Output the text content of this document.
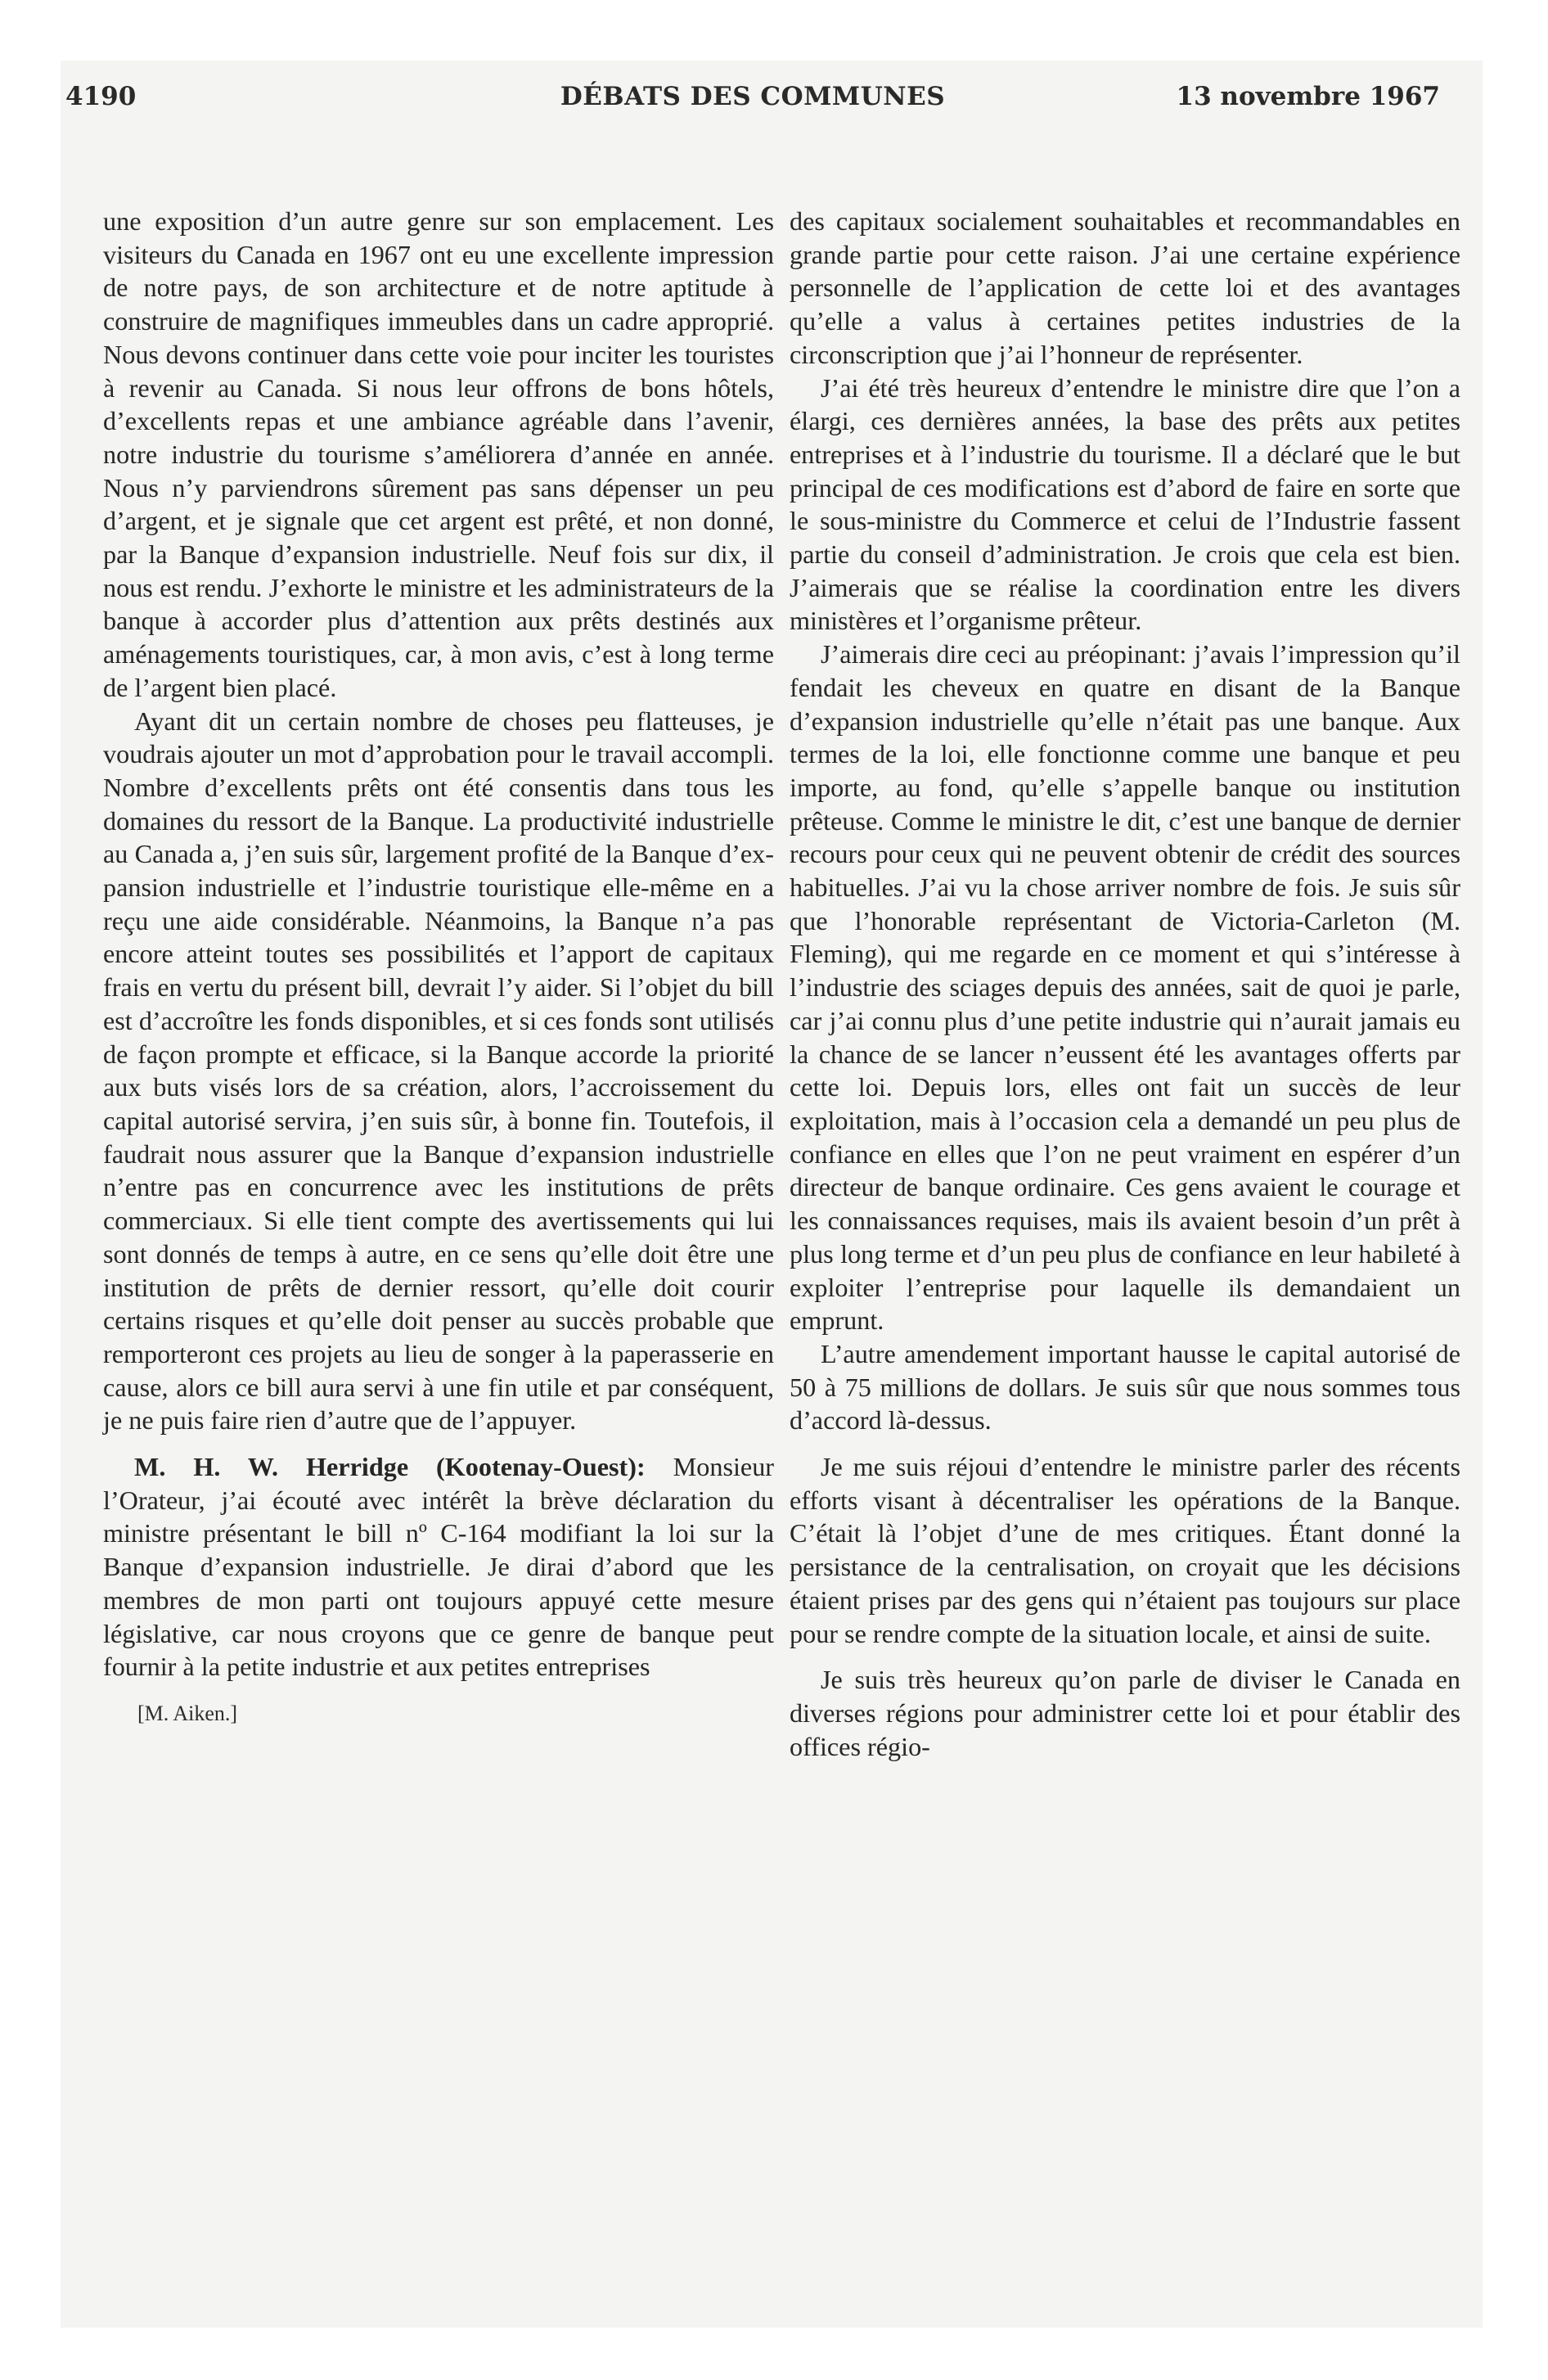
4190	DÉBATS DES COMMUNES	13 novembre 1967

une exposition d’un autre genre sur son emplacement. Les visiteurs du Canada en 1967 ont eu une excellente impression de notre pays, de son architecture et de notre aptitude à construire de magnifiques immeubles dans un cadre approprié. Nous devons continuer dans cette voie pour inciter les touristes à revenir au Canada. Si nous leur offrons de bons hôtels, d’excellents repas et une ambiance agréable dans l’avenir, notre industrie du tourisme s’améliorera d’année en année. Nous n’y parviendrons sûrement pas sans dépenser un peu d’argent, et je signale que cet argent est prêté, et non donné, par la Banque d’expansion industrielle. Neuf fois sur dix, il nous est rendu. J’exhorte le ministre et les administrateurs de la banque à accorder plus d’attention aux prêts destinés aux aménagements touristiques, car, à mon avis, c’est à long terme de l’argent bien placé.

Ayant dit un certain nombre de choses peu flatteuses, je voudrais ajouter un mot d’approbation pour le travail accompli. Nombre d’excellents prêts ont été consentis dans tous les domaines du ressort de la Banque. La productivité industrielle au Canada a, j’en suis sûr, largement profité de la Banque d’expansion industrielle et l’industrie touristique elle-même en a reçu une aide considérable. Néanmoins, la Banque n’a pas encore atteint toutes ses possibilités et l’apport de capitaux frais en vertu du présent bill, devrait l’y aider. Si l’objet du bill est d’accroître les fonds disponibles, et si ces fonds sont utilisés de façon prompte et efficace, si la Banque accorde la priorité aux buts visés lors de sa création, alors, l’accroissement du capital autorisé servira, j’en suis sûr, à bonne fin. Toutefois, il faudrait nous assurer que la Banque d’expansion industrielle n’entre pas en concurrence avec les institutions de prêts commerciaux. Si elle tient compte des avertissements qui lui sont donnés de temps à autre, en ce sens qu’elle doit être une institution de prêts de dernier ressort, qu’elle doit courir certains risques et qu’elle doit penser au succès probable que remporteront ces projets au lieu de songer à la paperasserie en cause, alors ce bill aura servi à une fin utile et par conséquent, je ne puis faire rien d’autre que de l’appuyer.

M. H. W. Herridge (Kootenay-Ouest): Monsieur l’Orateur, j’ai écouté avec intérêt la brève déclaration du ministre présentant le bill nº C-164 modifiant la loi sur la Banque d’expansion industrielle. Je dirai d’abord que les membres de mon parti ont toujours appuyé cette mesure législative, car nous croyons que ce genre de banque peut fournir à la petite industrie et aux petites entreprises

[M. Aiken.]

des capitaux socialement souhaitables et recommandables en grande partie pour cette raison. J’ai une certaine expérience personnelle de l’application de cette loi et des avantages qu’elle a valus à certaines petites industries de la circonscription que j’ai l’honneur de représenter.

J’ai été très heureux d’entendre le ministre dire que l’on a élargi, ces dernières années, la base des prêts aux petites entreprises et à l’industrie du tourisme. Il a déclaré que le but principal de ces modifications est d’abord de faire en sorte que le sous-ministre du Commerce et celui de l’Industrie fassent partie du conseil d’administration. Je crois que cela est bien. J’aimerais que se réalise la coordination entre les divers ministères et l’organisme prêteur.

J’aimerais dire ceci au préopinant: j’avais l’impression qu’il fendait les cheveux en quatre en disant de la Banque d’expansion industrielle qu’elle n’était pas une banque. Aux termes de la loi, elle fonctionne comme une banque et peu importe, au fond, qu’elle s’appelle banque ou institution prêteuse. Comme le ministre le dit, c’est une banque de dernier recours pour ceux qui ne peuvent obtenir de crédit des sources habituelles. J’ai vu la chose arriver nombre de fois. Je suis sûr que l’honorable représentant de Victoria-Carleton (M. Fleming), qui me regarde en ce moment et qui s’intéresse à l’industrie des sciages depuis des années, sait de quoi je parle, car j’ai connu plus d’une petite industrie qui n’aurait jamais eu la chance de se lancer n’eussent été les avantages offerts par cette loi. Depuis lors, elles ont fait un succès de leur exploitation, mais à l’occasion cela a demandé un peu plus de confiance en elles que l’on ne peut vraiment en espérer d’un directeur de banque ordinaire. Ces gens avaient le courage et les connaissances requises, mais ils avaient besoin d’un prêt à plus long terme et d’un peu plus de confiance en leur habileté à exploiter l’entreprise pour laquelle ils demandaient un emprunt.

L’autre amendement important hausse le capital autorisé de 50 à 75 millions de dollars. Je suis sûr que nous sommes tous d’accord là-dessus.

Je me suis réjoui d’entendre le ministre parler des récents efforts visant à décentraliser les opérations de la Banque. C’était là l’objet d’une de mes critiques. Étant donné la persistance de la centralisation, on croyait que les décisions étaient prises par des gens qui n’étaient pas toujours sur place pour se rendre compte de la situation locale, et ainsi de suite.

Je suis très heureux qu’on parle de diviser le Canada en diverses régions pour administrer cette loi et pour établir des offices régio-
